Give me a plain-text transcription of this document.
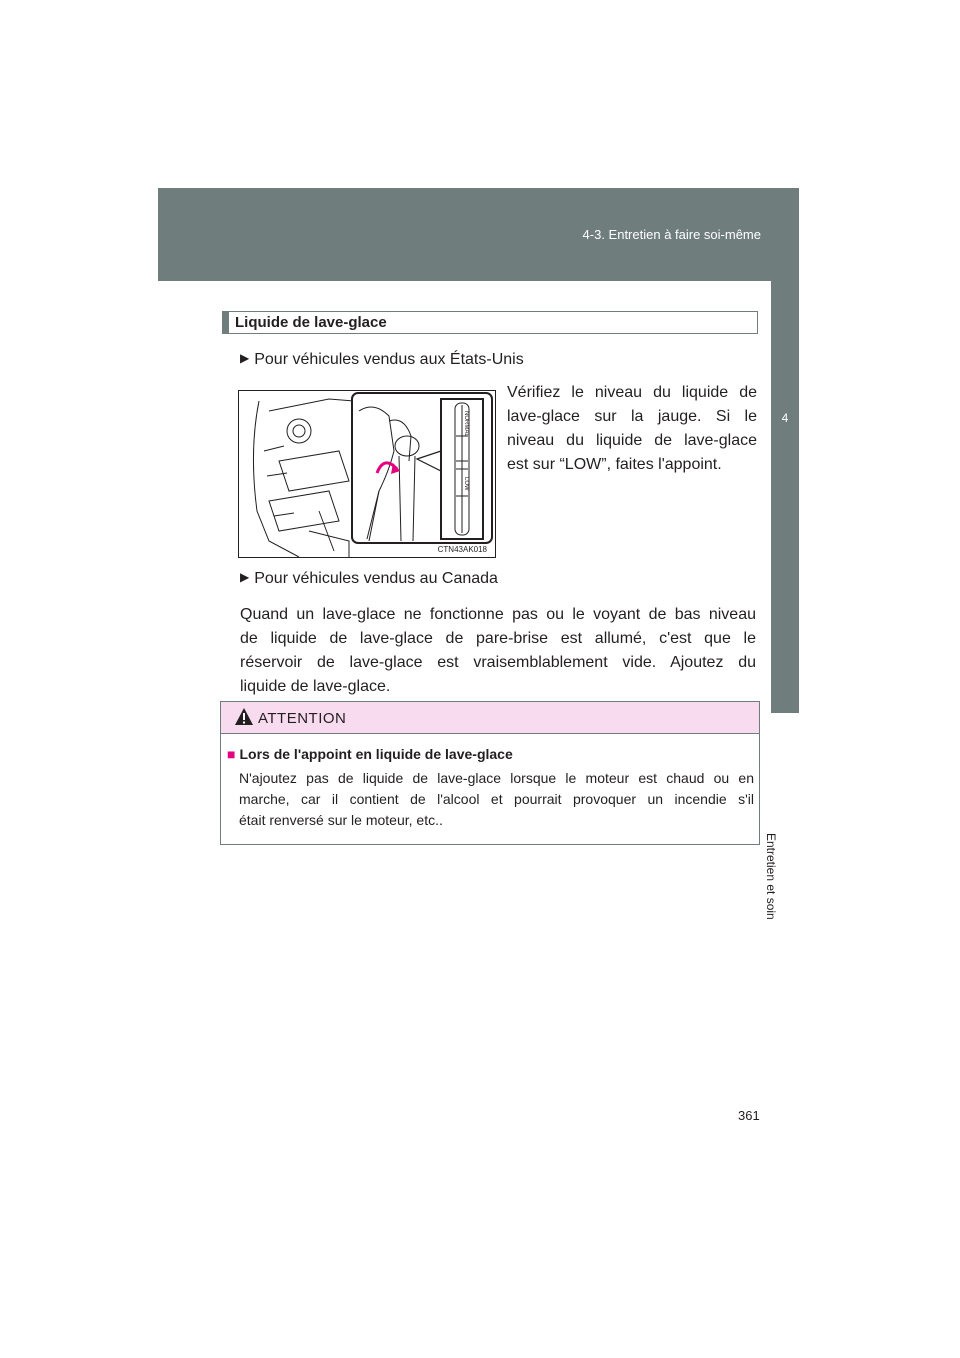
4-3. Entretien à faire soi-même
4
Entretien et soin
Liquide de lave-glace
▶ Pour véhicules vendus aux États-Unis
NORMAL
LOW
CTN43AK018
Vérifiez le niveau du liquide de
lave-glace sur la jauge. Si le
niveau du liquide de lave-glace
est sur “LOW”, faites l'appoint.
▶ Pour véhicules vendus au Canada
Quand un lave-glace ne fonctionne pas ou le voyant de bas niveau
de liquide de lave-glace de pare-brise est allumé, c'est que le
réservoir de lave-glace est vraisemblablement vide. Ajoutez du
liquide de lave-glace.
ATTENTION
■ Lors de l'appoint en liquide de lave-glace
N'ajoutez pas de liquide de lave-glace lorsque le moteur est chaud ou en
marche, car il contient de l'alcool et pourrait provoquer un incendie s'il
était renversé sur le moteur, etc..
361
